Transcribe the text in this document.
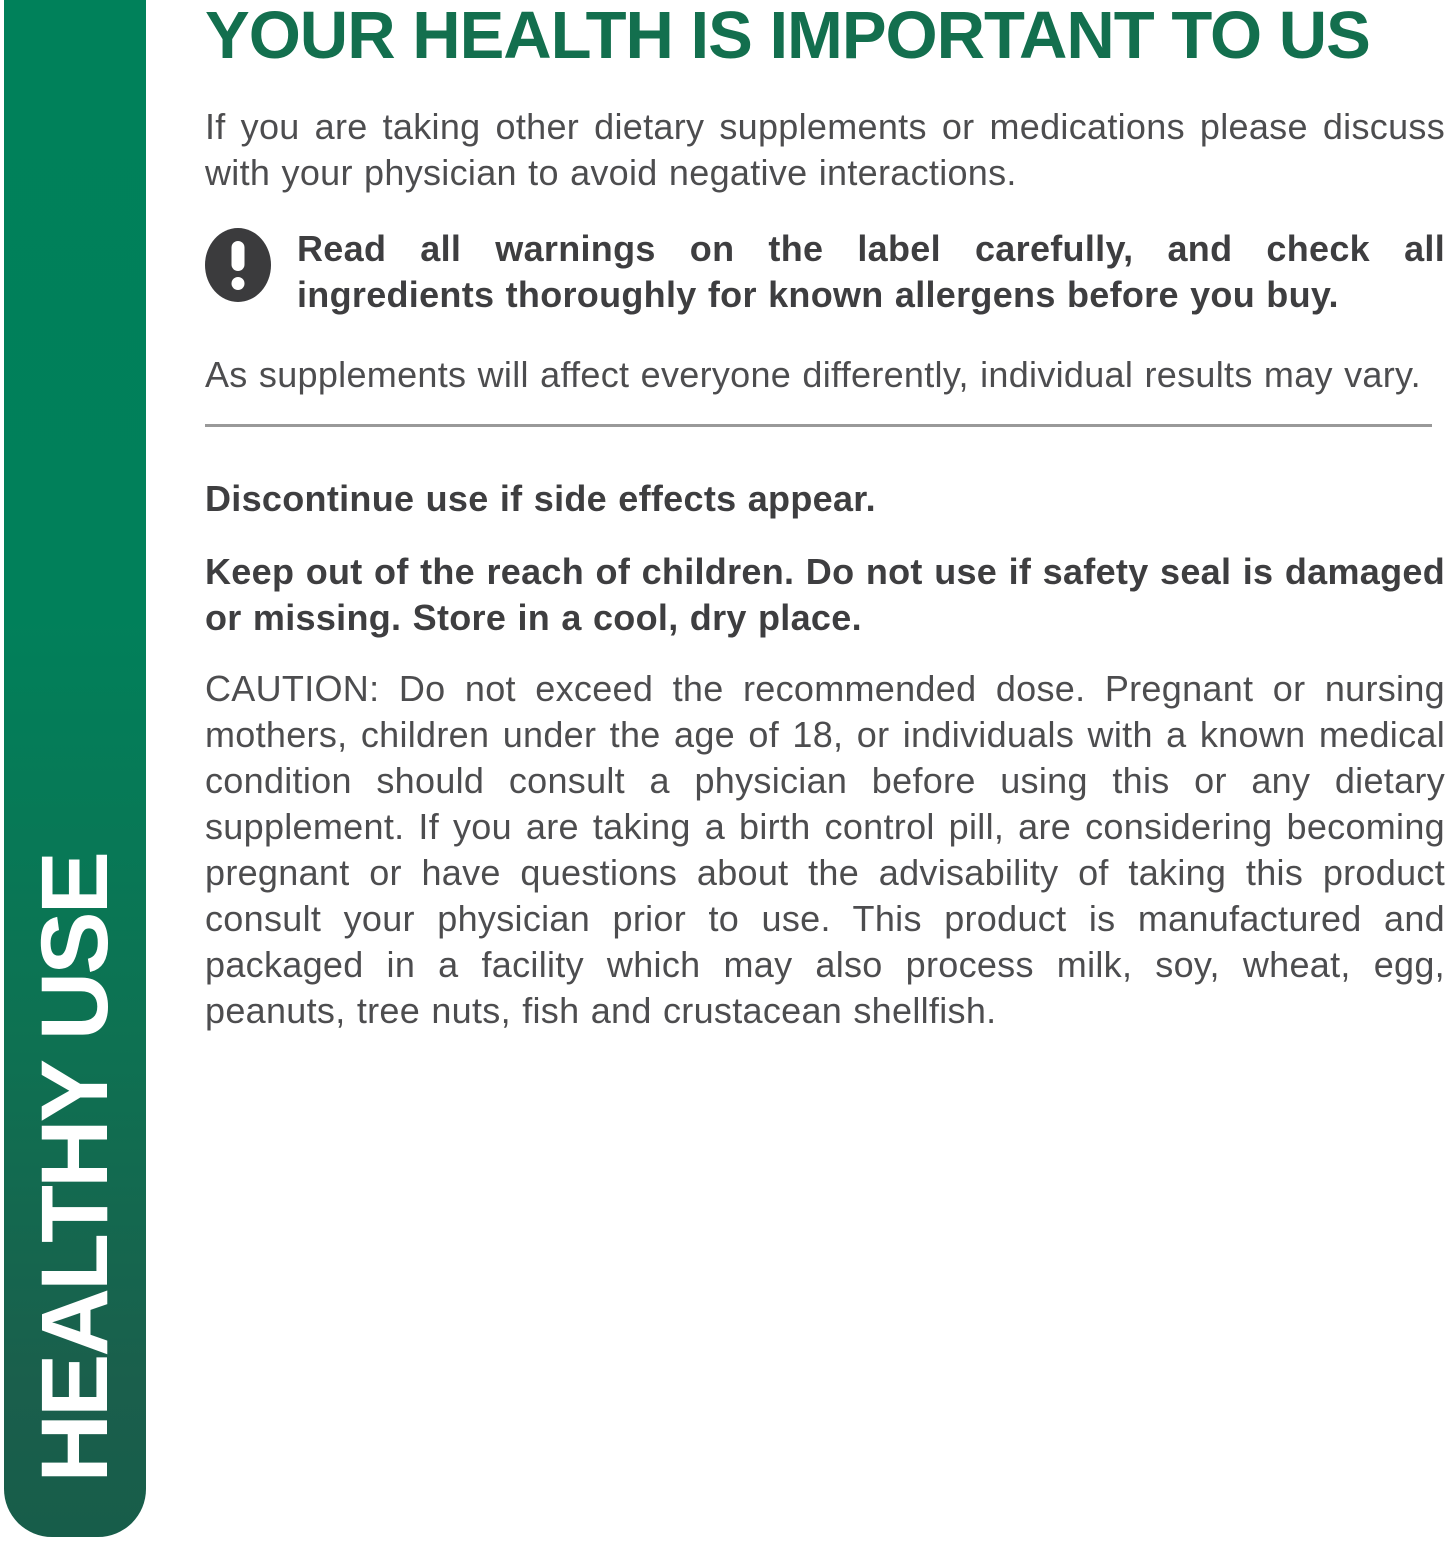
HEALTHY USE
YOUR HEALTH IS IMPORTANT TO US

If you are taking other dietary supplements or medications please discuss with your physician to avoid negative interactions.

Read all warnings on the label carefully, and check all ingredients thoroughly for known allergens before you buy.

As supplements will affect everyone differently, individual results may vary.

Discontinue use if side effects appear.

Keep out of the reach of children. Do not use if safety seal is damaged or missing. Store in a cool, dry place.

CAUTION: Do not exceed the recommended dose. Pregnant or nursing mothers, children under the age of 18, or individuals with a known medical condition should consult a physician before using this or any dietary supplement. If you are taking a birth control pill, are considering becoming pregnant or have questions about the advisability of taking this product consult your physician prior to use. This product is manufactured and packaged in a facility which may also process milk, soy, wheat, egg, peanuts, tree nuts, fish and crustacean shellfish.
